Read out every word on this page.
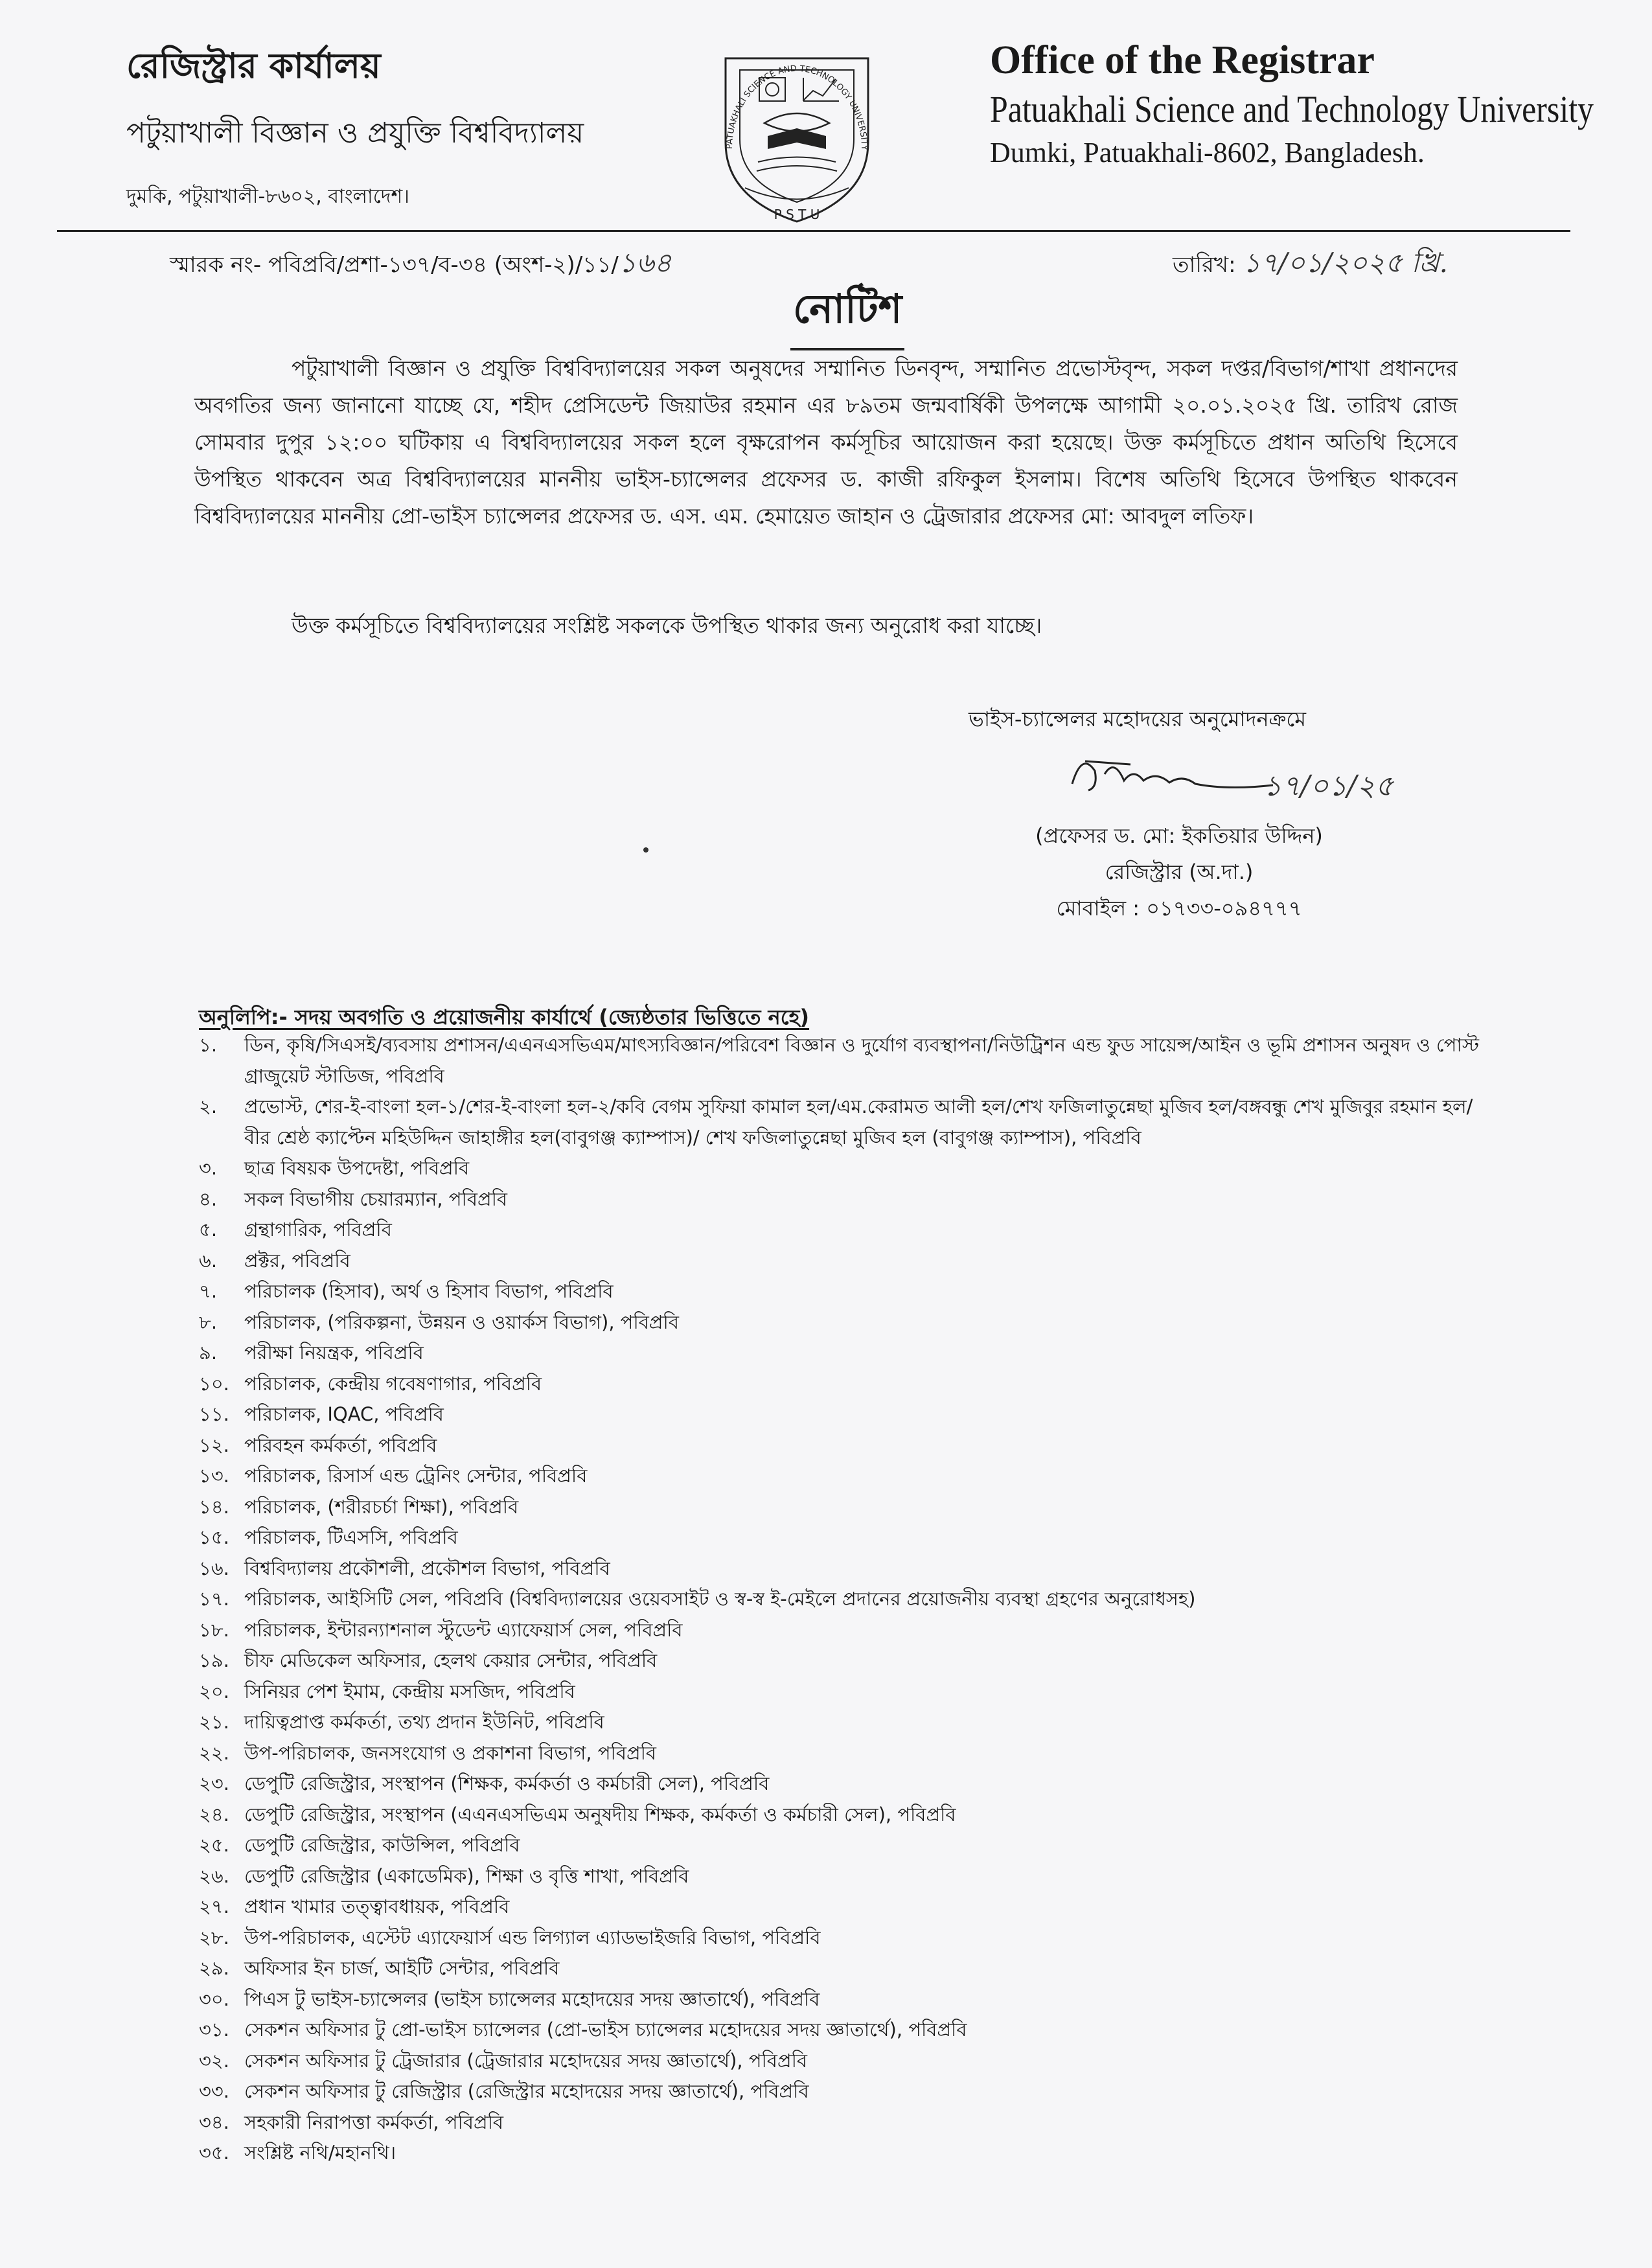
রেজিস্ট্রার কার্যালয়
পটুয়াখালী বিজ্ঞান ও প্রযুক্তি বিশ্ববিদ্যালয়
দুমকি, পটুয়াখালী-৮৬০২, বাংলাদেশ।
PATUAKHALI SCIENCE AND TECHNOLOGY UNIVERSITY
P S T U
Office of the Registrar
Patuakhali Science and Technology University
Dumki, Patuakhali-8602, Bangladesh.
স্মারক নং- পবিপ্রবি/প্রশা-১৩৭/ব-৩৪ (অংশ-২)/১১/১৬৪	তারিখ: ১৭/০১/২০২৫ খ্রি.
নোটিশ

পটুয়াখালী বিজ্ঞান ও প্রযুক্তি বিশ্ববিদ্যালয়ের সকল অনুষদের সম্মানিত ডিনবৃন্দ, সম্মানিত প্রভোস্টবৃন্দ, সকল দপ্তর/বিভাগ/শাখা প্রধানদের অবগতির জন্য জানানো যাচ্ছে যে, শহীদ প্রেসিডেন্ট জিয়াউর রহমান এর ৮৯তম জন্মবার্ষিকী উপলক্ষে আগামী ২০.০১.২০২৫ খ্রি. তারিখ রোজ সোমবার দুপুর ১২:০০ ঘটিকায় এ বিশ্ববিদ্যালয়ের সকল হলে বৃক্ষরোপন কর্মসূচির আয়োজন করা হয়েছে। উক্ত কর্মসূচিতে প্রধান অতিথি হিসেবে উপস্থিত থাকবেন অত্র বিশ্ববিদ্যালয়ের মাননীয় ভাইস-চ্যান্সেলর প্রফেসর ড. কাজী রফিকুল ইসলাম। বিশেষ অতিথি হিসেবে উপস্থিত থাকবেন বিশ্ববিদ্যালয়ের মাননীয় প্রো-ভাইস চ্যান্সেলর প্রফেসর ড. এস. এম. হেমায়েত জাহান ও ট্রেজারার প্রফেসর মো: আবদুল লতিফ।

উক্ত কর্মসূচিতে বিশ্ববিদ্যালয়ের সংশ্লিষ্ট সকলকে উপস্থিত থাকার জন্য অনুরোধ করা যাচ্ছে।
ভাইস-চ্যান্সেলর মহোদয়ের অনুমোদনক্রমে
১৭/০১/২৫
(প্রফেসর ড. মো: ইকতিয়ার উদ্দিন)
রেজিস্ট্রার (অ.দা.)
মোবাইল : ০১৭৩৩-০৯৪৭৭৭
অনুলিপি:- সদয় অবগতি ও প্রয়োজনীয় কার্যার্থে (জ্যেষ্ঠতার ভিত্তিতে নহে)
১.	ডিন, কৃষি/সিএসই/ব্যবসায় প্রশাসন/এএনএসভিএম/মাৎস্যবিজ্ঞান/পরিবেশ বিজ্ঞান ও দুর্যোগ ব্যবস্থাপনা/নিউট্রিশন এন্ড ফুড সায়েন্স/আইন ও ভূমি প্রশাসন অনুষদ ও পোস্ট গ্রাজুয়েট স্টাডিজ, পবিপ্রবি
২.	প্রভোস্ট, শের-ই-বাংলা হল-১/শের-ই-বাংলা হল-২/কবি বেগম সুফিয়া কামাল হল/এম.কেরামত আলী হল/শেখ ফজিলাতুন্নেছা মুজিব হল/বঙ্গবন্ধু শেখ মুজিবুর রহমান হল/বীর শ্রেষ্ঠ ক্যাপ্টেন মহিউদ্দিন জাহাঙ্গীর হল(বাবুগঞ্জ ক্যাম্পাস)/ শেখ ফজিলাতুন্নেছা মুজিব হল (বাবুগঞ্জ ক্যাম্পাস), পবিপ্রবি
৩.	ছাত্র বিষয়ক উপদেষ্টা, পবিপ্রবি
৪.	সকল বিভাগীয় চেয়ারম্যান, পবিপ্রবি
৫.	গ্রন্থাগারিক, পবিপ্রবি
৬.	প্রক্টর, পবিপ্রবি
৭.	পরিচালক (হিসাব), অর্থ ও হিসাব বিভাগ, পবিপ্রবি
৮.	পরিচালক, (পরিকল্পনা, উন্নয়ন ও ওয়ার্কস বিভাগ), পবিপ্রবি
৯.	পরীক্ষা নিয়ন্ত্রক, পবিপ্রবি
১০. পরিচালক, কেন্দ্রীয় গবেষণাগার, পবিপ্রবি
১১. পরিচালক, IQAC, পবিপ্রবি
১২. পরিবহন কর্মকর্তা, পবিপ্রবি
১৩. পরিচালক, রিসার্স এন্ড ট্রেনিং সেন্টার, পবিপ্রবি
১৪. পরিচালক, (শরীরচর্চা শিক্ষা), পবিপ্রবি
১৫. পরিচালক, টিএসসি, পবিপ্রবি
১৬. বিশ্ববিদ্যালয় প্রকৌশলী, প্রকৌশল বিভাগ, পবিপ্রবি
১৭. পরিচালক, আইসিটি সেল, পবিপ্রবি (বিশ্ববিদ্যালয়ের ওয়েবসাইট ও স্ব-স্ব ই-মেইলে প্রদানের প্রয়োজনীয় ব্যবস্থা গ্রহণের অনুরোধসহ)
১৮. পরিচালক, ইন্টারন্যাশনাল স্টুডেন্ট এ্যাফেয়ার্স সেল, পবিপ্রবি
১৯. চীফ মেডিকেল অফিসার, হেলথ কেয়ার সেন্টার, পবিপ্রবি
২০. সিনিয়র পেশ ইমাম, কেন্দ্রীয় মসজিদ, পবিপ্রবি
২১. দায়িত্বপ্রাপ্ত কর্মকর্তা, তথ্য প্রদান ইউনিট, পবিপ্রবি
২২. উপ-পরিচালক, জনসংযোগ ও প্রকাশনা বিভাগ, পবিপ্রবি
২৩. ডেপুটি রেজিস্ট্রার, সংস্থাপন (শিক্ষক, কর্মকর্তা ও কর্মচারী সেল), পবিপ্রবি
২৪. ডেপুটি রেজিস্ট্রার, সংস্থাপন (এএনএসভিএম অনুষদীয় শিক্ষক, কর্মকর্তা ও কর্মচারী সেল), পবিপ্রবি
২৫. ডেপুটি রেজিস্ট্রার, কাউন্সিল, পবিপ্রবি
২৬. ডেপুটি রেজিস্ট্রার (একাডেমিক), শিক্ষা ও বৃত্তি শাখা, পবিপ্রবি
২৭. প্রধান খামার তত্ত্বাবধায়ক, পবিপ্রবি
২৮. উপ-পরিচালক, এস্টেট এ্যাফেয়ার্স এন্ড লিগ্যাল এ্যাডভাইজরি বিভাগ, পবিপ্রবি
২৯. অফিসার ইন চার্জ, আইটি সেন্টার, পবিপ্রবি
৩০. পিএস টু ভাইস-চ্যান্সেলর (ভাইস চ্যান্সেলর মহোদয়ের সদয় জ্ঞাতার্থে), পবিপ্রবি
৩১. সেকশন অফিসার টু প্রো-ভাইস চ্যান্সেলর (প্রো-ভাইস চ্যান্সেলর মহোদয়ের সদয় জ্ঞাতার্থে), পবিপ্রবি
৩২. সেকশন অফিসার টু ট্রেজারার (ট্রেজারার মহোদয়ের সদয় জ্ঞাতার্থে), পবিপ্রবি
৩৩. সেকশন অফিসার টু রেজিস্ট্রার (রেজিস্ট্রার মহোদয়ের সদয় জ্ঞাতার্থে), পবিপ্রবি
৩৪. সহকারী নিরাপত্তা কর্মকর্তা, পবিপ্রবি
৩৫. সংশ্লিষ্ট নথি/মহানথি।
